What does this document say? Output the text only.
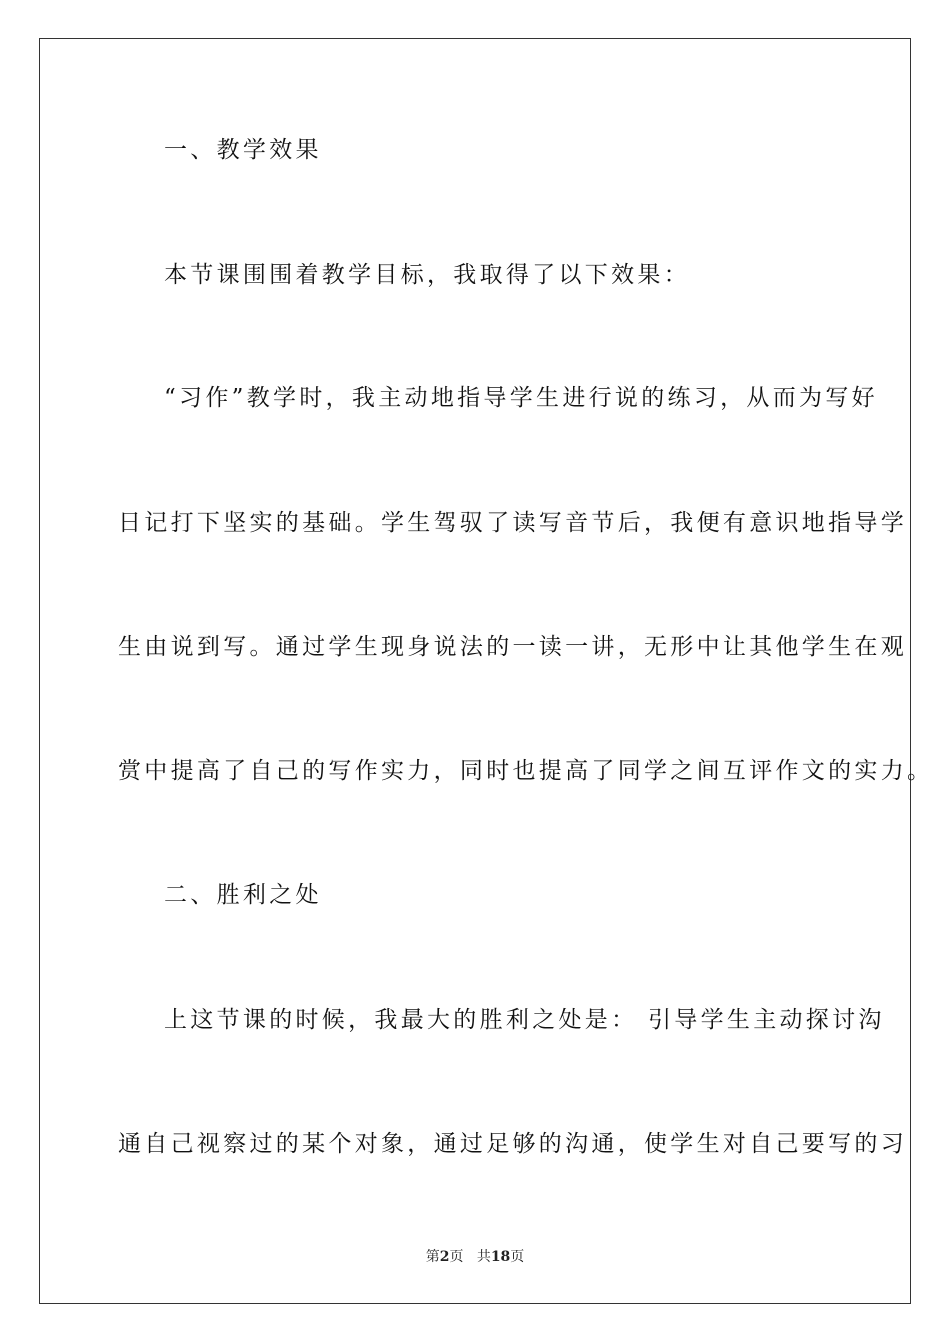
一、教学效果
本节课围围着教学目标，我取得了以下效果：
“习作”教学时，我主动地指导学生进行说的练习，从而为写好
日记打下坚实的基础。学生驾驭了读写音节后，我便有意识地指导学
生由说到写。通过学生现身说法的一读一讲，无形中让其他学生在观
赏中提高了自己的写作实力，同时也提高了同学之间互评作文的实力。
二、胜利之处
上这节课的时候，我最大的胜利之处是： 引导学生主动探讨沟
通自己视察过的某个对象，通过足够的沟通，使学生对自己要写的习
第2页 共18页
